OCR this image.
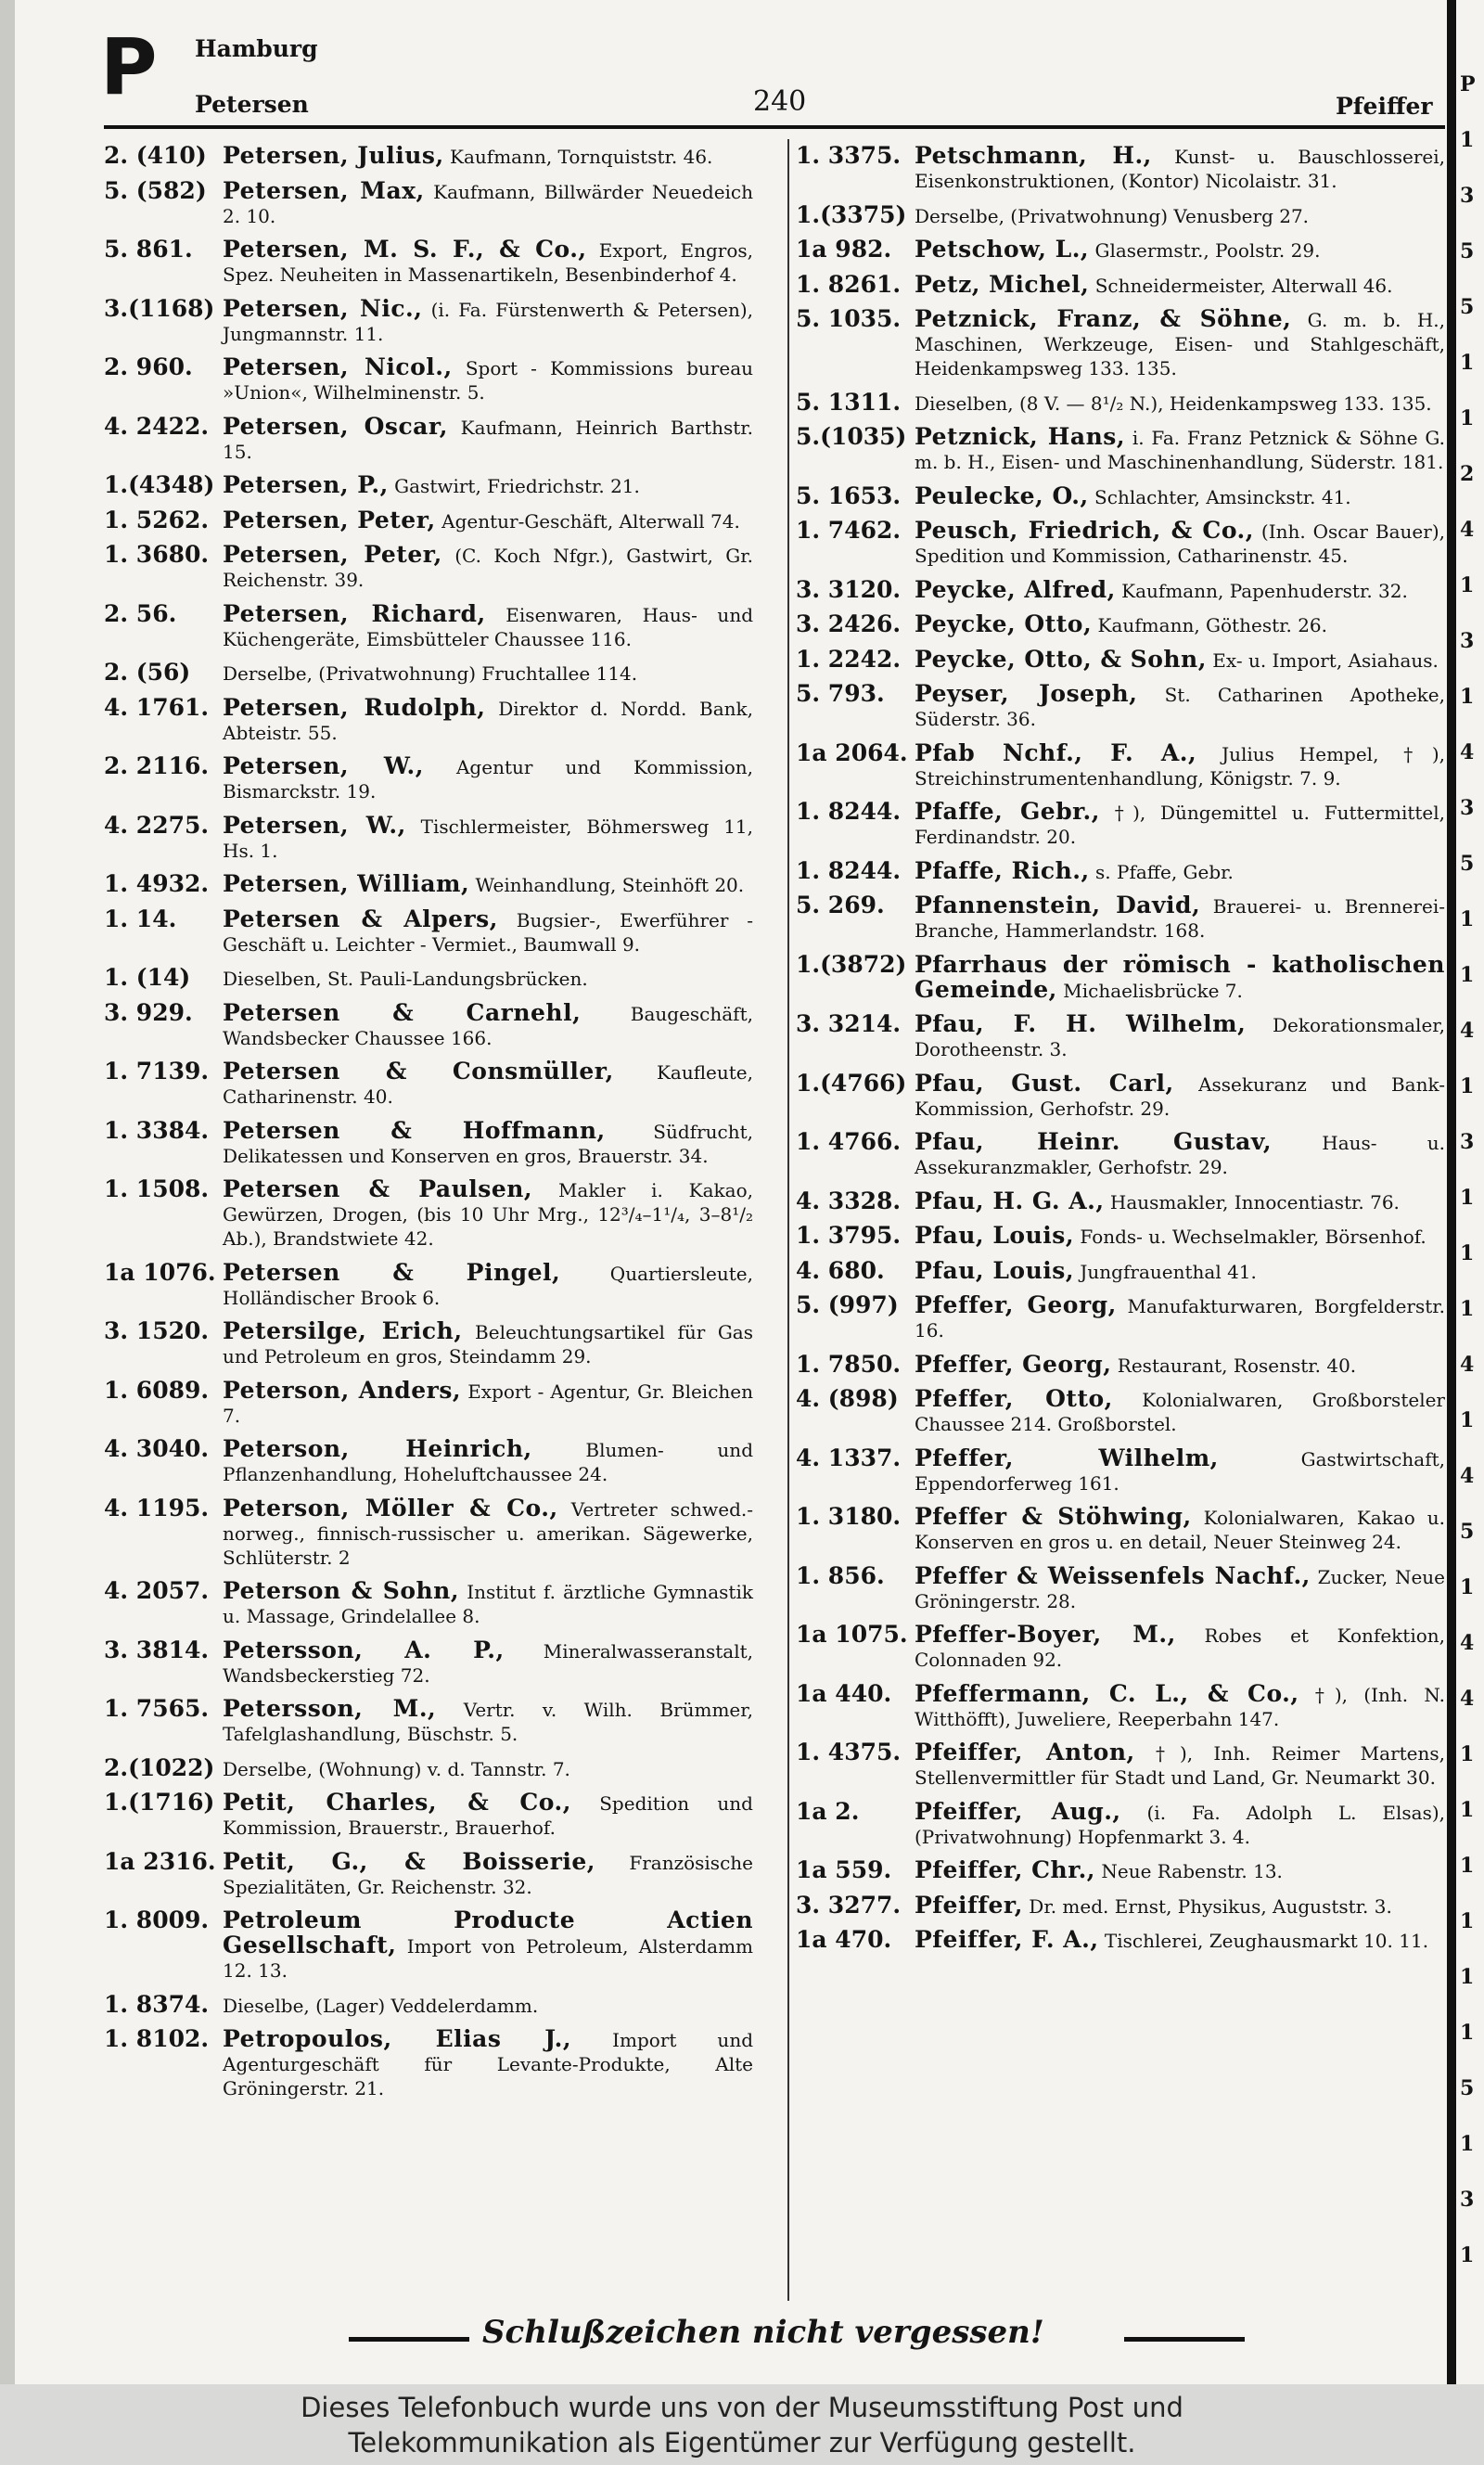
P Hamburg
Petersen	240	Pfeiffer
2. (410) Petersen, Julius, Kaufmann, Tornquiststr. 46.
5. (582) Petersen, Max, Kaufmann, Billwärder Neuedeich 2. 10.
5. 861.	Petersen, M. S. F., & Co., Export, Engros, Spez. Neuheiten in Massenartikeln, Besenbinderhof 4.
3.(1168) Petersen, Nic., (i. Fa. Fürstenwerth & Petersen), Jungmannstr. 11.
2. 960.	Petersen, Nicol., Sport - Kommissions bureau »Union«, Wilhelminenstr. 5.
4. 2422. Petersen, Oscar, Kaufmann, Heinrich Barthstr. 15.
1.(4348) Petersen, P., Gastwirt, Friedrichstr. 21.
1. 5262. Petersen, Peter, Agentur-Geschäft, Alterwall 74.
1. 3680. Petersen, Peter, (C. Koch Nfgr.), Gastwirt, Gr. Reichenstr. 39.
2. 56.	Petersen, Richard, Eisenwaren, Haus- und Küchengeräte, Eimsbütteler Chaussee 116.
2. (56)	Derselbe, (Privatwohnung) Fruchtallee 114.
4. 1761. Petersen, Rudolph, Direktor d. Nordd. Bank, Abteistr. 55.
2. 2116. Petersen, W., Agentur und Kommission, Bismarckstr. 19.
4. 2275. Petersen, W., Tischlermeister, Böhmersweg 11, Hs. 1.
1. 4932. Petersen, William, Weinhandlung, Steinhöft 20.
1. 14.	Petersen & Alpers, Bugsier-, Ewerführer - Geschäft u. Leichter - Vermiet., Baumwall 9.
1. (14)	Dieselben, St. Pauli-Landungsbrücken.
3. 929.	Petersen & Carnehl, Baugeschäft, Wandsbecker Chaussee 166.
1. 7139. Petersen & Consmüller, Kaufleute, Catharinenstr. 40.
1. 3384. Petersen & Hoffmann, Südfrucht, Delikatessen und Konserven en gros, Brauerstr. 34.
1. 1508. Petersen & Paulsen, Makler i. Kakao, Gewürzen, Drogen, (bis 10 Uhr Mrg., 12³/₄–1¹/₄, 3–8¹/₂ Ab.), Brandstwiete 42.
1a 1076. Petersen & Pingel, Quartiersleute, Holländischer Brook 6.
3. 1520. Petersilge, Erich, Beleuchtungsartikel für Gas und Petroleum en gros, Steindamm 29.
1. 6089. Peterson, Anders, Export - Agentur, Gr. Bleichen 7.
4. 3040. Peterson, Heinrich, Blumen- und Pflanzenhandlung, Hoheluftchaussee 24.
4. 1195. Peterson, Möller & Co., Vertreter schwed.-norweg., finnisch-russischer u. amerikan. Sägewerke, Schlüterstr. 2
4. 2057. Peterson & Sohn, Institut f. ärztliche Gymnastik u. Massage, Grindelallee 8.
3. 3814. Petersson, A. P., Mineralwasseranstalt, Wandsbeckerstieg 72.
1. 7565. Petersson, M., Vertr. v. Wilh. Brümmer, Tafelglashandlung, Büschstr. 5.
2.(1022) Derselbe, (Wohnung) v. d. Tannstr. 7.
1.(1716) Petit, Charles, & Co., Spedition und Kommission, Brauerstr., Brauerhof.
1a 2316. Petit, G., & Boisserie, Französische Spezialitäten, Gr. Reichenstr. 32.
1. 8009. Petroleum Producte Actien Gesellschaft, Import von Petroleum, Alsterdamm 12. 13.
1. 8374. Dieselbe, (Lager) Veddelerdamm.
1. 8102. Petropoulos, Elias J., Import und Agenturgeschäft für Levante-Produkte, Alte Gröningerstr. 21.
1. 3375. Petschmann, H., Kunst- u. Bauschlosserei, Eisenkonstruktionen, (Kontor) Nicolaistr. 31.
1.(3375) Derselbe, (Privatwohnung) Venusberg 27.
1a 982. Petschow, L., Glasermstr., Poolstr. 29.
1. 8261. Petz, Michel, Schneidermeister, Alterwall 46.
5. 1035. Petznick, Franz, & Söhne, G. m. b. H., Maschinen, Werkzeuge, Eisen- und Stahlgeschäft, Heidenkampsweg 133. 135.
5. 1311. Dieselben, (8 V. — 8¹/₂ N.), Heidenkampsweg 133. 135.
5.(1035) Petznick, Hans, i. Fa. Franz Petznick & Söhne G. m. b. H., Eisen- und Maschinenhandlung, Süderstr. 181.
5. 1653. Peulecke, O., Schlachter, Amsinckstr. 41.
1. 7462. Peusch, Friedrich, & Co., (Inh. Oscar Bauer), Spedition und Kommission, Catharinenstr. 45.
3. 3120. Peycke, Alfred, Kaufmann, Papenhuderstr. 32.
3. 2426. Peycke, Otto, Kaufmann, Göthestr. 26.
1. 2242. Peycke, Otto, & Sohn, Ex- u. Import, Asiahaus.
5. 793.	Peyser, Joseph, St. Catharinen Apotheke, Süderstr. 36.
1a 2064. Pfab Nchf., F. A., Julius Hempel, †), Streichinstrumentenhandlung, Königstr. 7. 9.
1. 8244. Pfaffe, Gebr., †), Düngemittel u. Futtermittel, Ferdinandstr. 20.
1. 8244. Pfaffe, Rich., s. Pfaffe, Gebr.
5. 269.	Pfannenstein, David, Brauerei- u. Brennerei-Branche, Hammerlandstr. 168.
1.(3872) Pfarrhaus der römisch - katholischen Gemeinde, Michaelisbrücke 7.
3. 3214. Pfau, F. H. Wilhelm, Dekorationsmaler, Dorotheenstr. 3.
1.(4766) Pfau, Gust. Carl, Assekuranz und Bank-Kommission, Gerhofstr. 29.
1. 4766. Pfau, Heinr. Gustav, Haus- u. Assekuranzmakler, Gerhofstr. 29.
4. 3328. Pfau, H. G. A., Hausmakler, Innocentiastr. 76.
1. 3795. Pfau, Louis, Fonds- u. Wechselmakler, Börsenhof.
4. 680.	Pfau, Louis, Jungfrauenthal 41.
5. (997) Pfeffer, Georg, Manufakturwaren, Borgfelderstr. 16.
1. 7850. Pfeffer, Georg, Restaurant, Rosenstr. 40.
4. (898) Pfeffer, Otto, Kolonialwaren, Großborsteler Chaussee 214. Großborstel.
4. 1337. Pfeffer, Wilhelm, Gastwirtschaft, Eppendorferweg 161.
1. 3180. Pfeffer & Stöhwing, Kolonialwaren, Kakao u. Konserven en gros u. en detail, Neuer Steinweg 24.
1. 856.	Pfeffer & Weissenfels Nachf., Zucker, Neue Gröningerstr. 28.
1a 1075. Pfeffer-Boyer, M., Robes et Konfektion, Colonnaden 92.
1a 440. Pfeffermann, C. L., & Co., †), (Inh. N. Witthöfft), Juweliere, Reeperbahn 147.
1. 4375. Pfeiffer, Anton, †), Inh. Reimer Martens, Stellenvermittler für Stadt und Land, Gr. Neumarkt 30.
1a 2.	Pfeiffer, Aug., (i. Fa. Adolph L. Elsas), (Privatwohnung) Hopfenmarkt 3. 4.
1a 559. Pfeiffer, Chr., Neue Rabenstr. 13.
3. 3277. Pfeiffer, Dr. med. Ernst, Physikus, Auguststr. 3.
1a 470. Pfeiffer, F. A., Tischlerei, Zeughausmarkt 10. 11.
P
1
3
5
5
1
1
2
4
1
3
1
4
3
5
1
1
4
1
3
1
1
1
4
1
4
5
1
4
4
1
1
1
1
1
1
5
1
3
1
Schlußzeichen nicht vergessen!
Dieses Telefonbuch wurde uns von der Museumsstiftung Post und
Telekommunikation als Eigentümer zur Verfügung gestellt.
